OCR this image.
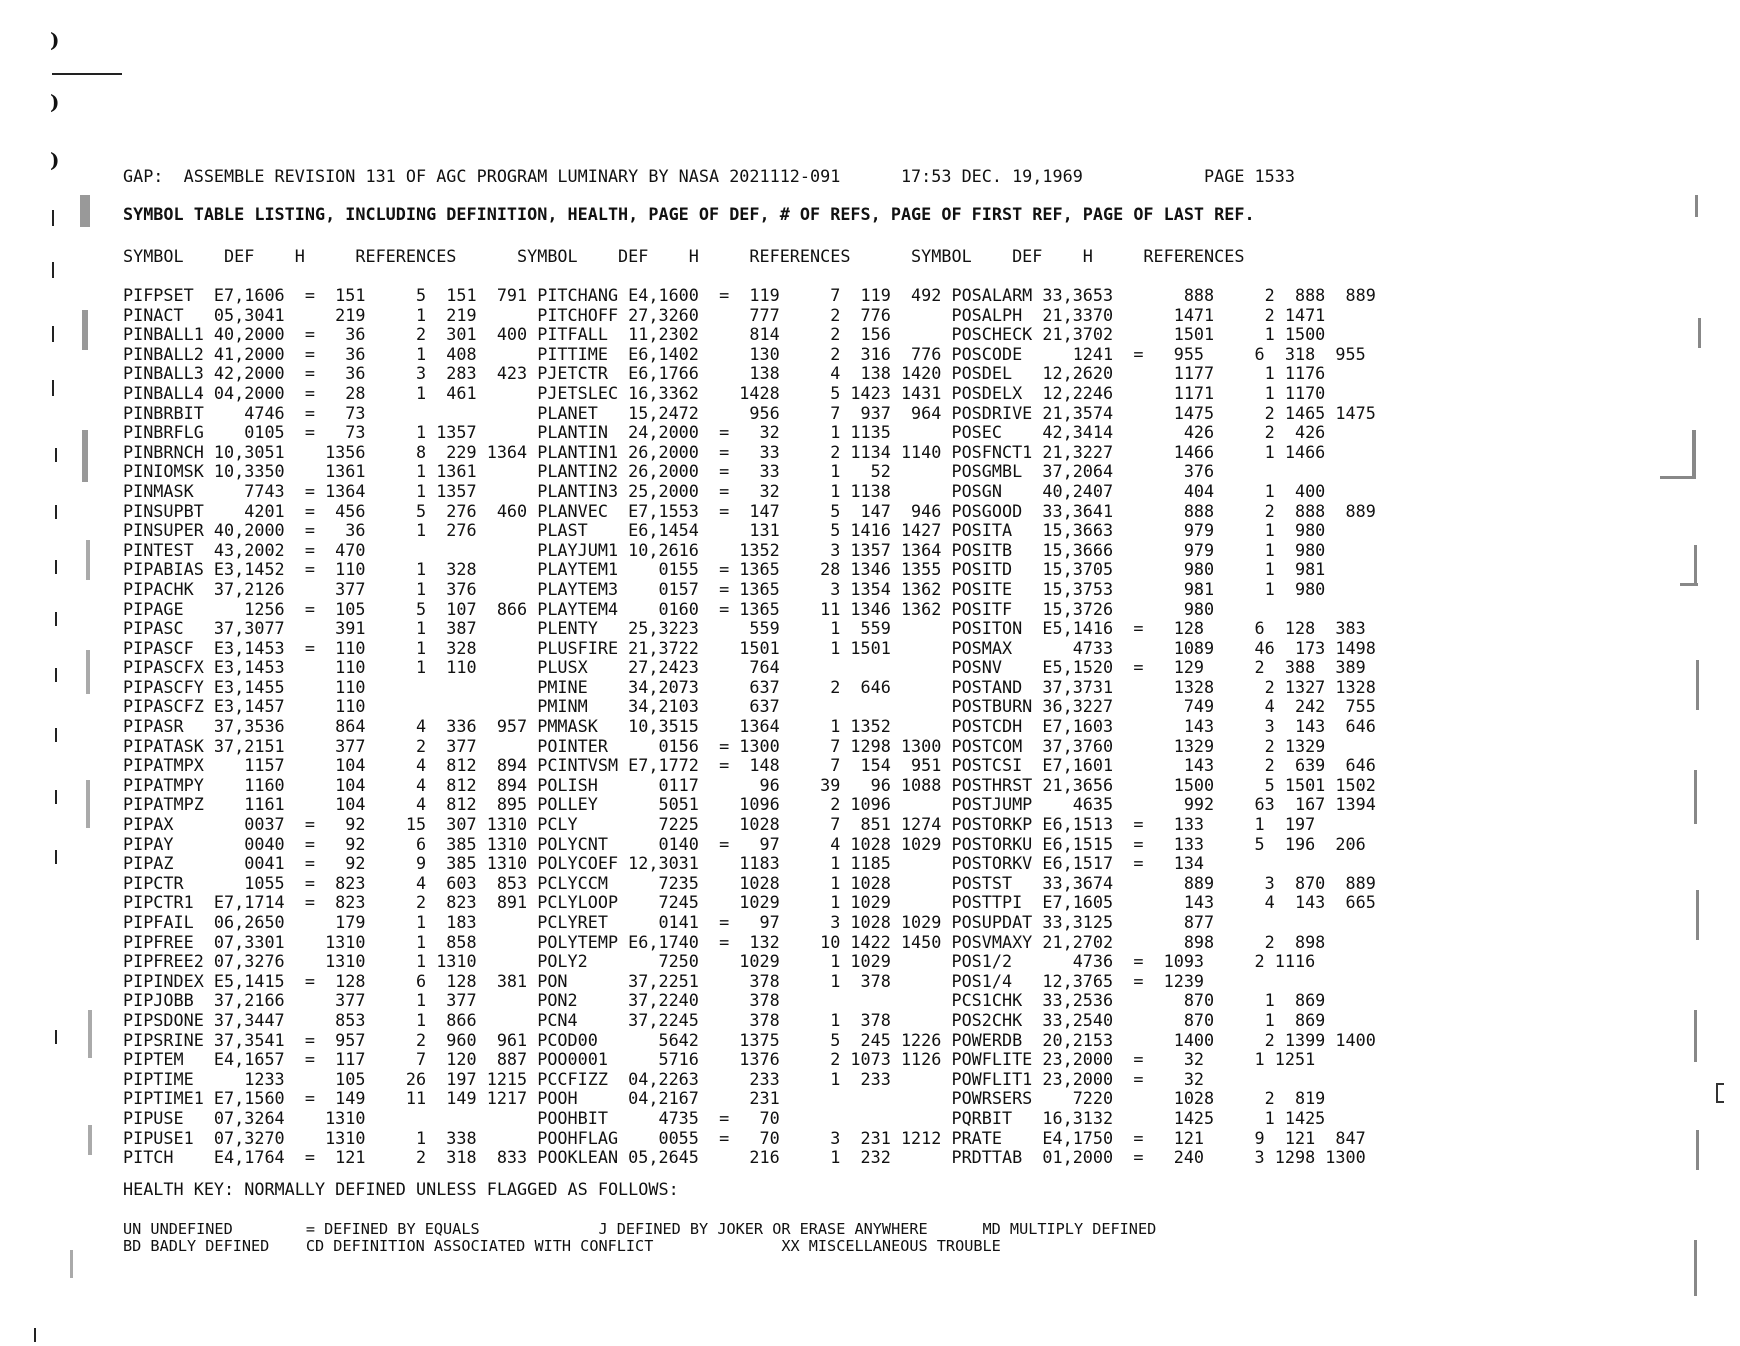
)
)
)
GAP:  ASSEMBLE REVISION 131 OF AGC PROGRAM LUMINARY BY NASA 2021112-091      17:53 DEC. 19,1969            PAGE 1533
SYMBOL TABLE LISTING, INCLUDING DEFINITION, HEALTH, PAGE OF DEF, # OF REFS, PAGE OF FIRST REF, PAGE OF LAST REF.
SYMBOL    DEF    H     REFERENCES      SYMBOL    DEF    H     REFERENCES      SYMBOL    DEF    H     REFERENCES
PIFPSET  E7,1606  =  151     5  151  791 PITCHANG E4,1600  =  119     7  119  492 POSALARM 33,3653       888     2  888  889
PINACT   05,3041     219     1  219      PITCHOFF 27,3260     777     2  776      POSALPH  21,3370      1471     2 1471
PINBALL1 40,2000  =   36     2  301  400 PITFALL  11,2302     814     2  156      POSCHECK 21,3702      1501     1 1500
PINBALL2 41,2000  =   36     1  408      PITTIME  E6,1402     130     2  316  776 POSCODE     1241  =   955     6  318  955
PINBALL3 42,2000  =   36     3  283  423 PJETCTR  E6,1766     138     4  138 1420 POSDEL   12,2620      1177     1 1176
PINBALL4 04,2000  =   28     1  461      PJETSLEC 16,3362    1428     5 1423 1431 POSDELX  12,2246      1171     1 1170
PINBRBIT    4746  =   73                 PLANET   15,2472     956     7  937  964 POSDRIVE 21,3574      1475     2 1465 1475
PINBRFLG    0105  =   73     1 1357      PLANTIN  24,2000  =   32     1 1135      POSEC    42,3414       426     2  426
PINBRNCH 10,3051    1356     8  229 1364 PLANTIN1 26,2000  =   33     2 1134 1140 POSFNCT1 21,3227      1466     1 1466
PINIOMSK 10,3350    1361     1 1361      PLANTIN2 26,2000  =   33     1   52      POSGMBL  37,2064       376
PINMASK     7743  = 1364     1 1357      PLANTIN3 25,2000  =   32     1 1138      POSGN    40,2407       404     1  400
PINSUPBT    4201  =  456     5  276  460 PLANVEC  E7,1553  =  147     5  147  946 POSGOOD  33,3641       888     2  888  889
PINSUPER 40,2000  =   36     1  276      PLAST    E6,1454     131     5 1416 1427 POSITA   15,3663       979     1  980
PINTEST  43,2002  =  470                 PLAYJUM1 10,2616    1352     3 1357 1364 POSITB   15,3666       979     1  980
PIPABIAS E3,1452  =  110     1  328      PLAYTEM1    0155  = 1365    28 1346 1355 POSITD   15,3705       980     1  981
PIPACHK  37,2126     377     1  376      PLAYTEM3    0157  = 1365     3 1354 1362 POSITE   15,3753       981     1  980
PIPAGE      1256  =  105     5  107  866 PLAYTEM4    0160  = 1365    11 1346 1362 POSITF   15,3726       980
PIPASC   37,3077     391     1  387      PLENTY   25,3223     559     1  559      POSITON  E5,1416  =   128     6  128  383
PIPASCF  E3,1453  =  110     1  328      PLUSFIRE 21,3722    1501     1 1501      POSMAX      4733      1089    46  173 1498
PIPASCFX E3,1453     110     1  110      PLUSX    27,2423     764                 POSNV    E5,1520  =   129     2  388  389
PIPASCFY E3,1455     110                 PMINE    34,2073     637     2  646      POSTAND  37,3731      1328     2 1327 1328
PIPASCFZ E3,1457     110                 PMINM    34,2103     637                 POSTBURN 36,3227       749     4  242  755
PIPASR   37,3536     864     4  336  957 PMMASK   10,3515    1364     1 1352      POSTCDH  E7,1603       143     3  143  646
PIPATASK 37,2151     377     2  377      POINTER     0156  = 1300     7 1298 1300 POSTCOM  37,3760      1329     2 1329
PIPATMPX    1157     104     4  812  894 PCINTVSM E7,1772  =  148     7  154  951 POSTCSI  E7,1601       143     2  639  646
PIPATMPY    1160     104     4  812  894 POLISH      0117      96    39   96 1088 POSTHRST 21,3656      1500     5 1501 1502
PIPATMPZ    1161     104     4  812  895 POLLEY      5051    1096     2 1096      POSTJUMP    4635       992    63  167 1394
PIPAX       0037  =   92    15  307 1310 PCLY        7225    1028     7  851 1274 POSTORKP E6,1513  =   133     1  197
PIPAY       0040  =   92     6  385 1310 POLYCNT     0140  =   97     4 1028 1029 POSTORKU E6,1515  =   133     5  196  206
PIPAZ       0041  =   92     9  385 1310 POLYCOEF 12,3031    1183     1 1185      POSTORKV E6,1517  =   134
PIPCTR      1055  =  823     4  603  853 PCLYCCM     7235    1028     1 1028      POSTST   33,3674       889     3  870  889
PIPCTR1  E7,1714  =  823     2  823  891 PCLYLOOP    7245    1029     1 1029      POSTTPI  E7,1605       143     4  143  665
PIPFAIL  06,2650     179     1  183      PCLYRET     0141  =   97     3 1028 1029 POSUPDAT 33,3125       877
PIPFREE  07,3301    1310     1  858      POLYTEMP E6,1740  =  132    10 1422 1450 POSVMAXY 21,2702       898     2  898
PIPFREE2 07,3276    1310     1 1310      POLY2       7250    1029     1 1029      POS1/2      4736  =  1093     2 1116
PIPINDEX E5,1415  =  128     6  128  381 PON      37,2251     378     1  378      POS1/4   12,3765  =  1239
PIPJOBB  37,2166     377     1  377      PON2     37,2240     378                 PCS1CHK  33,2536       870     1  869
PIPSDONE 37,3447     853     1  866      PCN4     37,2245     378     1  378      POS2CHK  33,2540       870     1  869
PIPSRINE 37,3541  =  957     2  960  961 PCOD00      5642    1375     5  245 1226 POWERDB  20,2153      1400     2 1399 1400
PIPTEM   E4,1657  =  117     7  120  887 POO0001     5716    1376     2 1073 1126 POWFLITE 23,2000  =    32     1 1251
PIPTIME     1233     105    26  197 1215 PCCFIZZ  04,2263     233     1  233      POWFLIT1 23,2000  =    32
PIPTIME1 E7,1560  =  149    11  149 1217 POOH     04,2167     231                 POWRSERS    7220      1028     2  819
PIPUSE   07,3264    1310                 POOHBIT     4735  =   70                 PQRBIT   16,3132      1425     1 1425
PIPUSE1  07,3270    1310     1  338      POOHFLAG    0055  =   70     3  231 1212 PRATE    E4,1750  =   121     9  121  847
PITCH    E4,1764  =  121     2  318  833 POOKLEAN 05,2645     216     1  232      PRDTTAB  01,2000  =   240     3 1298 1300
HEALTH KEY: NORMALLY DEFINED UNLESS FLAGGED AS FOLLOWS:
UN UNDEFINED        = DEFINED BY EQUALS             J DEFINED BY JOKER OR ERASE ANYWHERE      MD MULTIPLY DEFINED
BD BADLY DEFINED    CD DEFINITION ASSOCIATED WITH CONFLICT              XX MISCELLANEOUS TROUBLE
